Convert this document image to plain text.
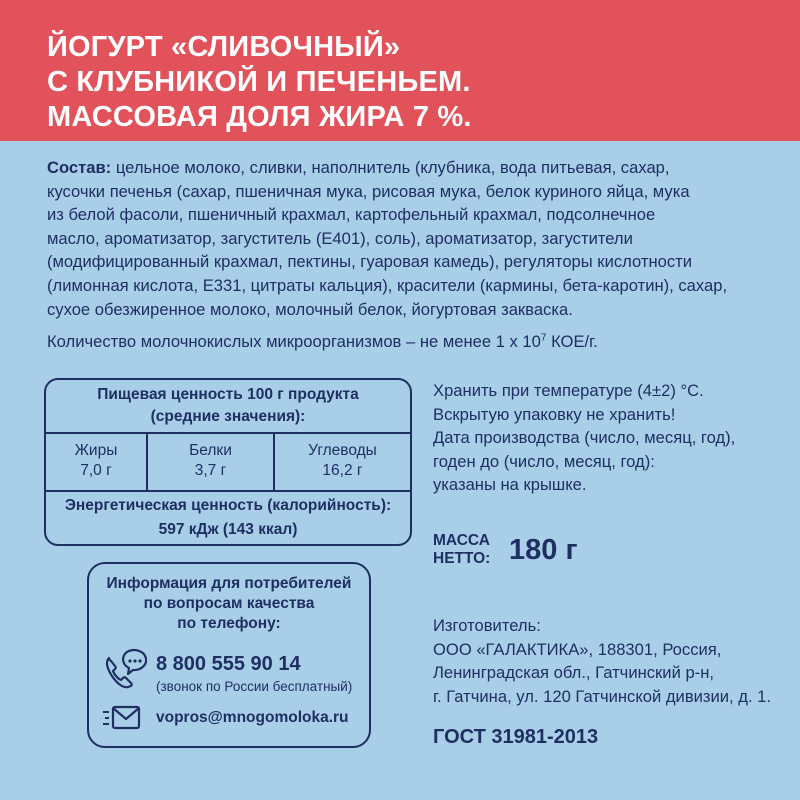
ЙОГУРТ «СЛИВОЧНЫЙ»
С КЛУБНИКОЙ И ПЕЧЕНЬЕМ.
МАССОВАЯ ДОЛЯ ЖИРА 7 %.
Состав: цельное молоко, сливки, наполнитель (клубника, вода питьевая, сахар,
кусочки печенья (сахар, пшеничная мука, рисовая мука, белок куриного яйца, мука
из белой фасоли, пшеничный крахмал, картофельный крахмал, подсолнечное
масло, ароматизатор, загуститель (Е401), соль), ароматизатор, загустители
(модифицированный крахмал, пектины, гуаровая камедь), регуляторы кислотности
(лимонная кислота, Е331, цитраты кальция), красители (кармины, бета-каротин), сахар,
сухое обезжиренное молоко, молочный белок, йогуртовая закваска.
Количество молочнокислых микроорганизмов – не менее 1 х $10^7$ КОЕ/г.
Пищевая ценность 100 г продукта
(средние значения):
Жиры
7,0 г
Белки
3,7 г
Углеводы
16,2 г
Энергетическая ценность (калорийность):
597 кДж (143 ккал)
Хранить при температуре (4±2) °С.
Вскрытую упаковку не хранить!
Дата производства (число, месяц, год),
годен до (число, месяц, год):
указаны на крышке.
МАССА
НЕТТО: 180 г
Информация для потребителей
по вопросам качества
по телефону:
8 800 555 90 14
(звонок по России бесплатный)
vopros@mnogomoloka.ru
Изготовитель:
ООО «ГАЛАКТИКА», 188301, Россия,
Ленинградская обл., Гатчинский р-н,
г. Гатчина, ул. 120 Гатчинской дивизии, д. 1.
ГОСТ 31981-2013
